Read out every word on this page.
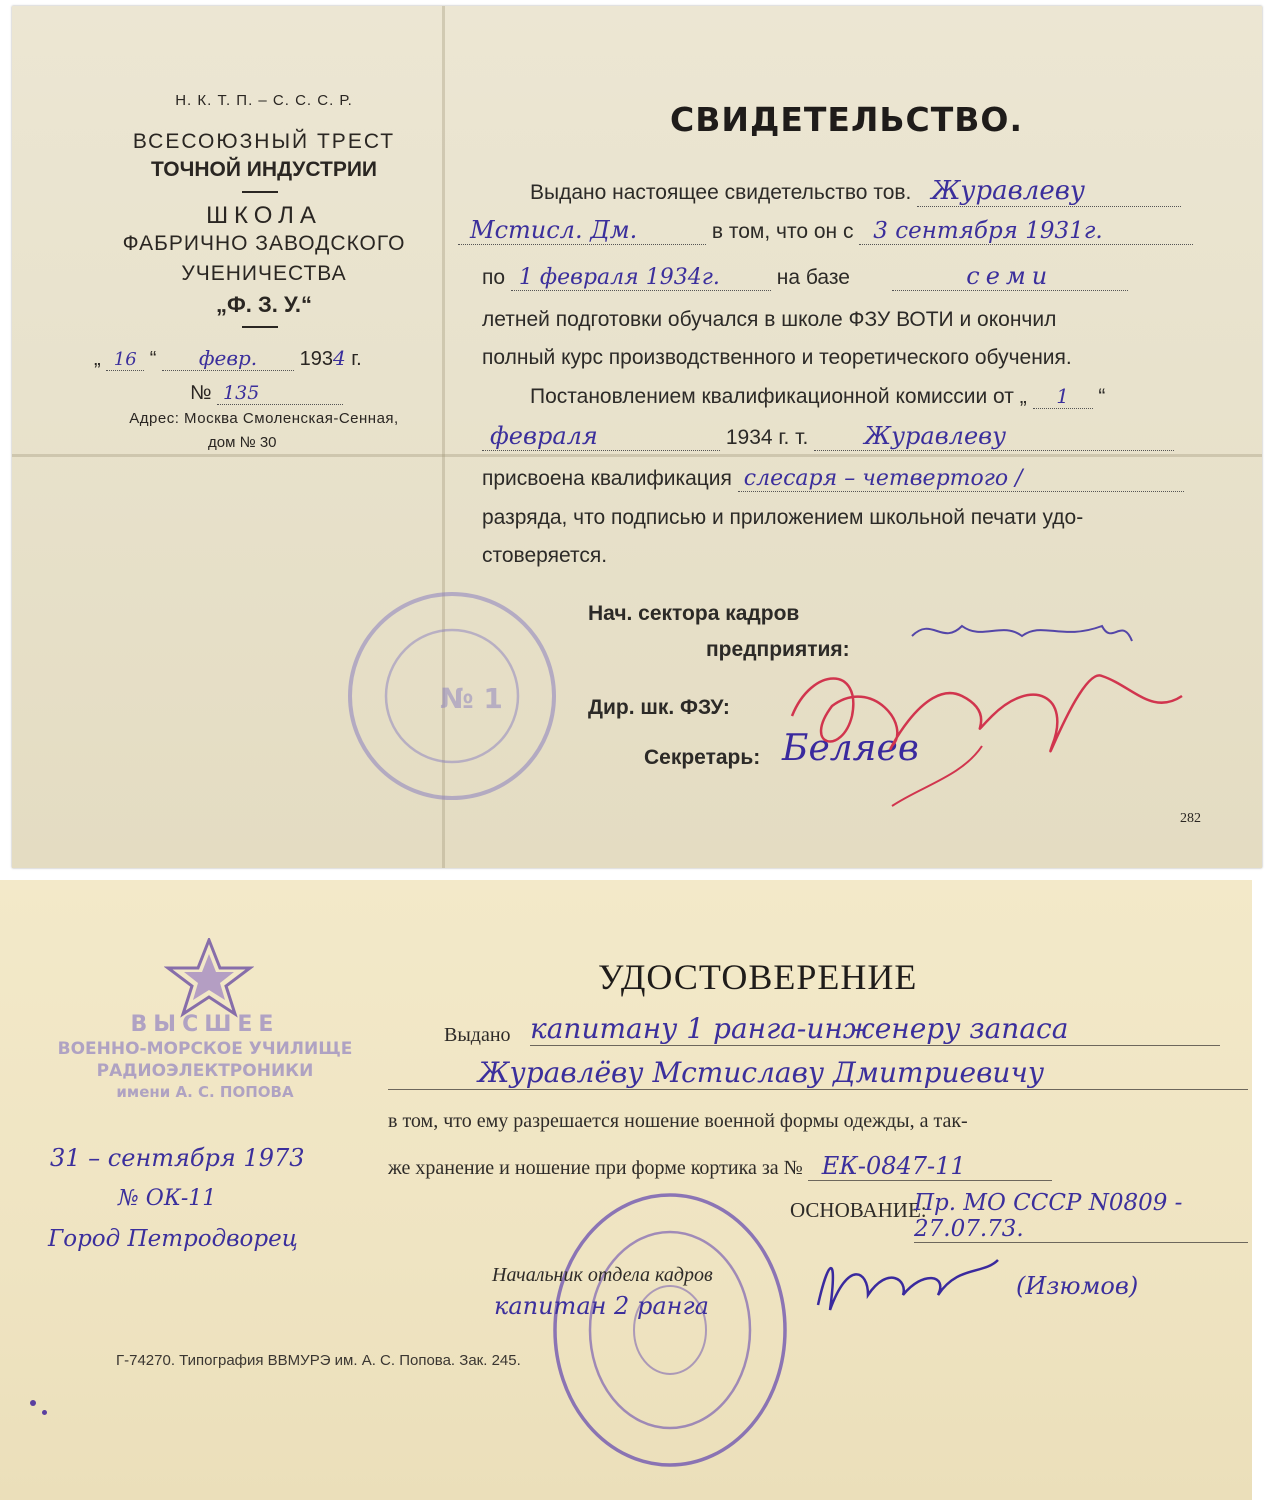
Н. К. Т. П. – С. С. С. Р.
ВСЕСОЮЗНЫЙ ТРЕСТ
ТОЧНОЙ ИНДУСТРИИ
ШКОЛА
ФАБРИЧНО ЗАВОДСКОГО
УЧЕНИЧЕСТВА
„Ф. З. У.“
„ 16 “ февр. 1934 г.
№ 135
Адрес: Москва Смоленская-Сенная,
дом № 30
СВИДЕТЕЛЬСТВО.
Выдано настоящее свидетельство тов. Журавлеву
Мстисл. Дм.	в том, что он с 3 сентября 1931г.
по 1 февраля 1934г.	на базе	семи
летней подготовки обучался в школе ФЗУ ВОТИ и окончил
полный курс производственного и теоретического обучения.
Постановлением квалификационной комиссии от „ 1 “
февраля	1934 г. т. Журавлеву
присвоена квалификация слесаря – четвертого /
разряда, что подписью и приложением школьной печати удо-
стоверяется.
№ 1
Нач. сектора кадров
предприятия:
Дир. шк. ФЗУ:
Секретарь: Беляев
282
ВЫСШЕЕ
ВОЕННО-МОРСКОЕ УЧИЛИЩЕ
РАДИОЭЛЕКТРОНИКИ
имени А. С. ПОПОВА
31 – сентября 1973
№ ОК-11
Город Петродворец
УДОСТОВЕРЕНИЕ
Выдано капитану 1 ранга-инженеру запаса
Журавлёву Мстиславу Дмитриевичу
в том, что ему разрешается ношение военной формы одежды, а так-
же хранение и ношение при форме кортика за № ЕК-0847-11
ОСНОВАНИЕ:
Пр. МО СССР N0809 - 27.07.73.
Начальник отдела кадров
капитан 2 ранга
(Изюмов)
Г-74270. Типография ВВМУРЭ им. А. С. Попова. Зак. 245.
